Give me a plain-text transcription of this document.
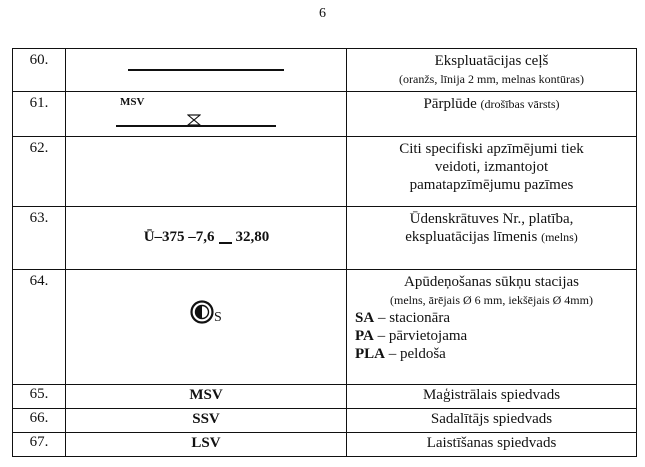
6
60.		Ekspluatācijas ceļš
(oranžs, līnija 2 mm, melnas kontūras)
61.	MSV	Pārplūde (drošības vārsts)
62.		Citi specifiski apzīmējumi tiek
veidoti, izmantojot
pamatapzīmējumu pazīmes
63.	Ū–375 –7,6 32,80	Ūdenskrātuves Nr., platība,
ekspluatācijas līmenis (melns)
64.	S	Apūdeņošanas sūkņu stacijas
(melns, ārējais Ø 6 mm, iekšējais Ø 4mm)
SA – stacionāra
PA – pārvietojama
PLA – peldoša

65.	MSV	Maģistrālais spiedvads
66.	SSV	Sadalītājs spiedvads
67.	LSV	Laistīšanas spiedvads
